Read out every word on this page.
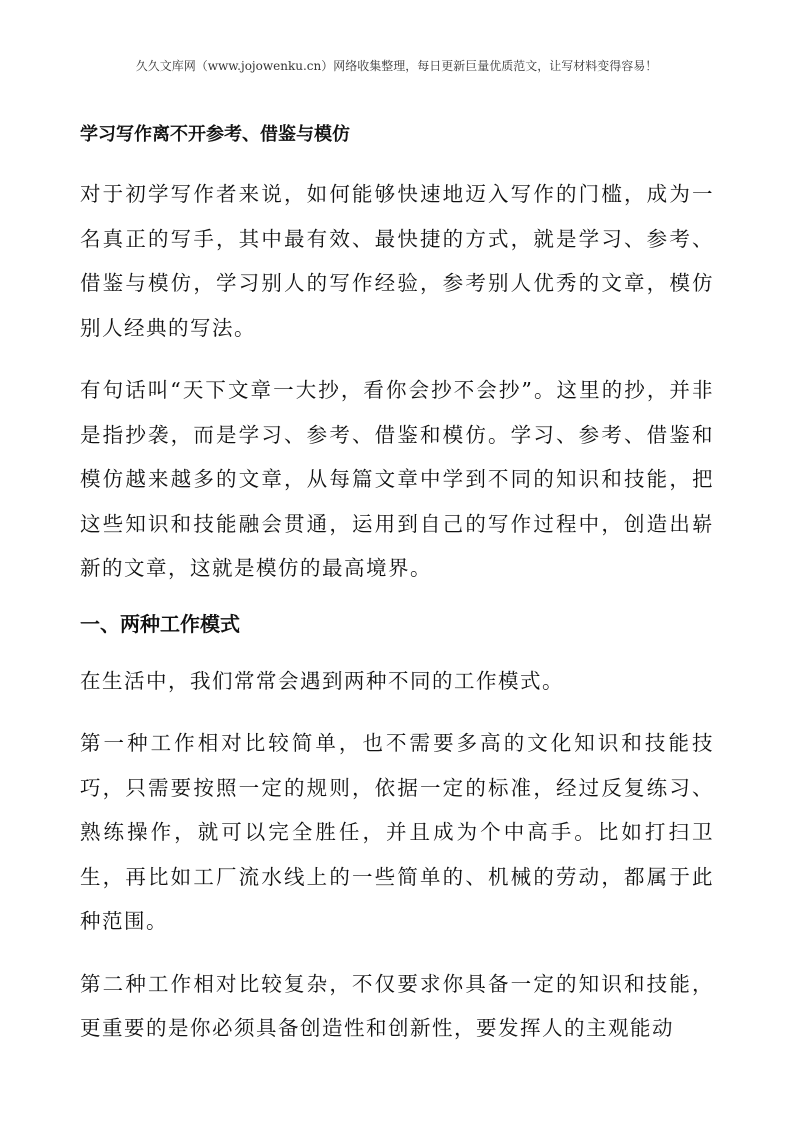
久久文库网（www.jojowenku.cn）网络收集整理，每日更新巨量优质范文，让写材料变得容易！
学习写作离不开参考、借鉴与模仿

对于初学写作者来说，如何能够快速地迈入写作的门槛，成为一名真正的写手，其中最有效、最快捷的方式，就是学习、参考、借鉴与模仿，学习别人的写作经验，参考别人优秀的文章，模仿别人经典的写法。

有句话叫“天下文章一大抄，看你会抄不会抄”。这里的抄，并非是指抄袭，而是学习、参考、借鉴和模仿。学习、参考、借鉴和模仿越来越多的文章，从每篇文章中学到不同的知识和技能，把这些知识和技能融会贯通，运用到自己的写作过程中，创造出崭新的文章，这就是模仿的最高境界。

一、两种工作模式

在生活中，我们常常会遇到两种不同的工作模式。

第一种工作相对比较简单，也不需要多高的文化知识和技能技巧，只需要按照一定的规则，依据一定的标准，经过反复练习、熟练操作，就可以完全胜任，并且成为个中高手。比如打扫卫生，再比如工厂流水线上的一些简单的、机械的劳动，都属于此种范围。

第二种工作相对比较复杂，不仅要求你具备一定的知识和技能，更重要的是你必须具备创造性和创新性，要发挥人的主观能动
